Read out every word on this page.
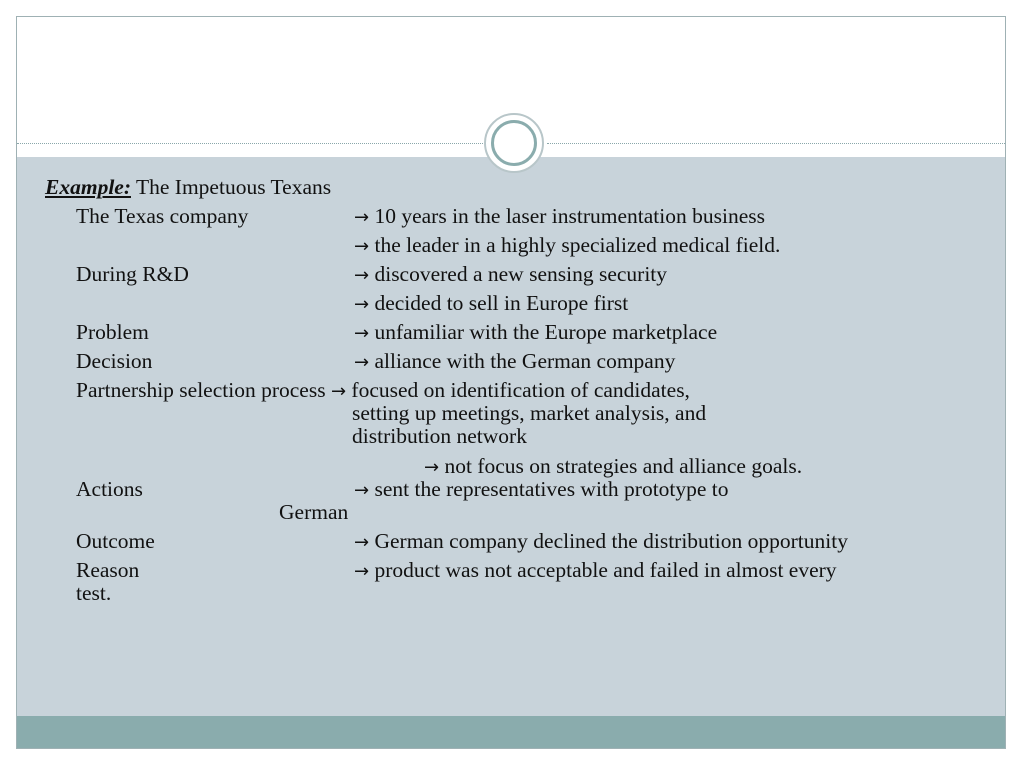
Example: The Impetuous Texans
The Texas company	→ 10 years in the laser instrumentation business
→ the leader in a highly specialized medical field.
During R&D	→ discovered a new sensing security
→ decided to sell in Europe first
Problem	→ unfamiliar with the Europe marketplace
Decision	→ alliance with the German company
Partnership selection process → focused on identification of candidates,
setting up meetings, market analysis, and
distribution network
→ not focus on strategies and alliance goals.
Actions	→ sent the representatives with prototype to
German
Outcome	→ German company declined the distribution opportunity
Reason	→ product was not acceptable and failed in almost every
test.
